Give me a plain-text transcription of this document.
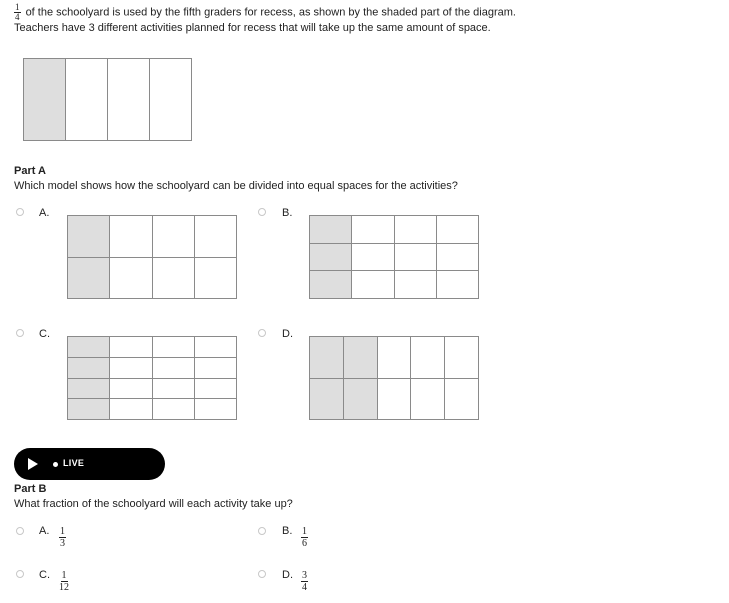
$\frac{1}{4}$ of the schoolyard is used by the fifth graders for recess, as shown by the shaded part of the diagram.
Teachers have 3 different activities planned for recess that will take up the same amount of space.
Part A
Which model shows how the schoolyard can be divided into equal spaces for the activities?
A.	B.
C.	D.
LIVE
Part B
What fraction of the schoolyard will each activity take up?
A. $\frac{1}{3}$	B. $\frac{1}{6}$
C. $\frac{1}{12}$	D. $\frac{3}{4}$
